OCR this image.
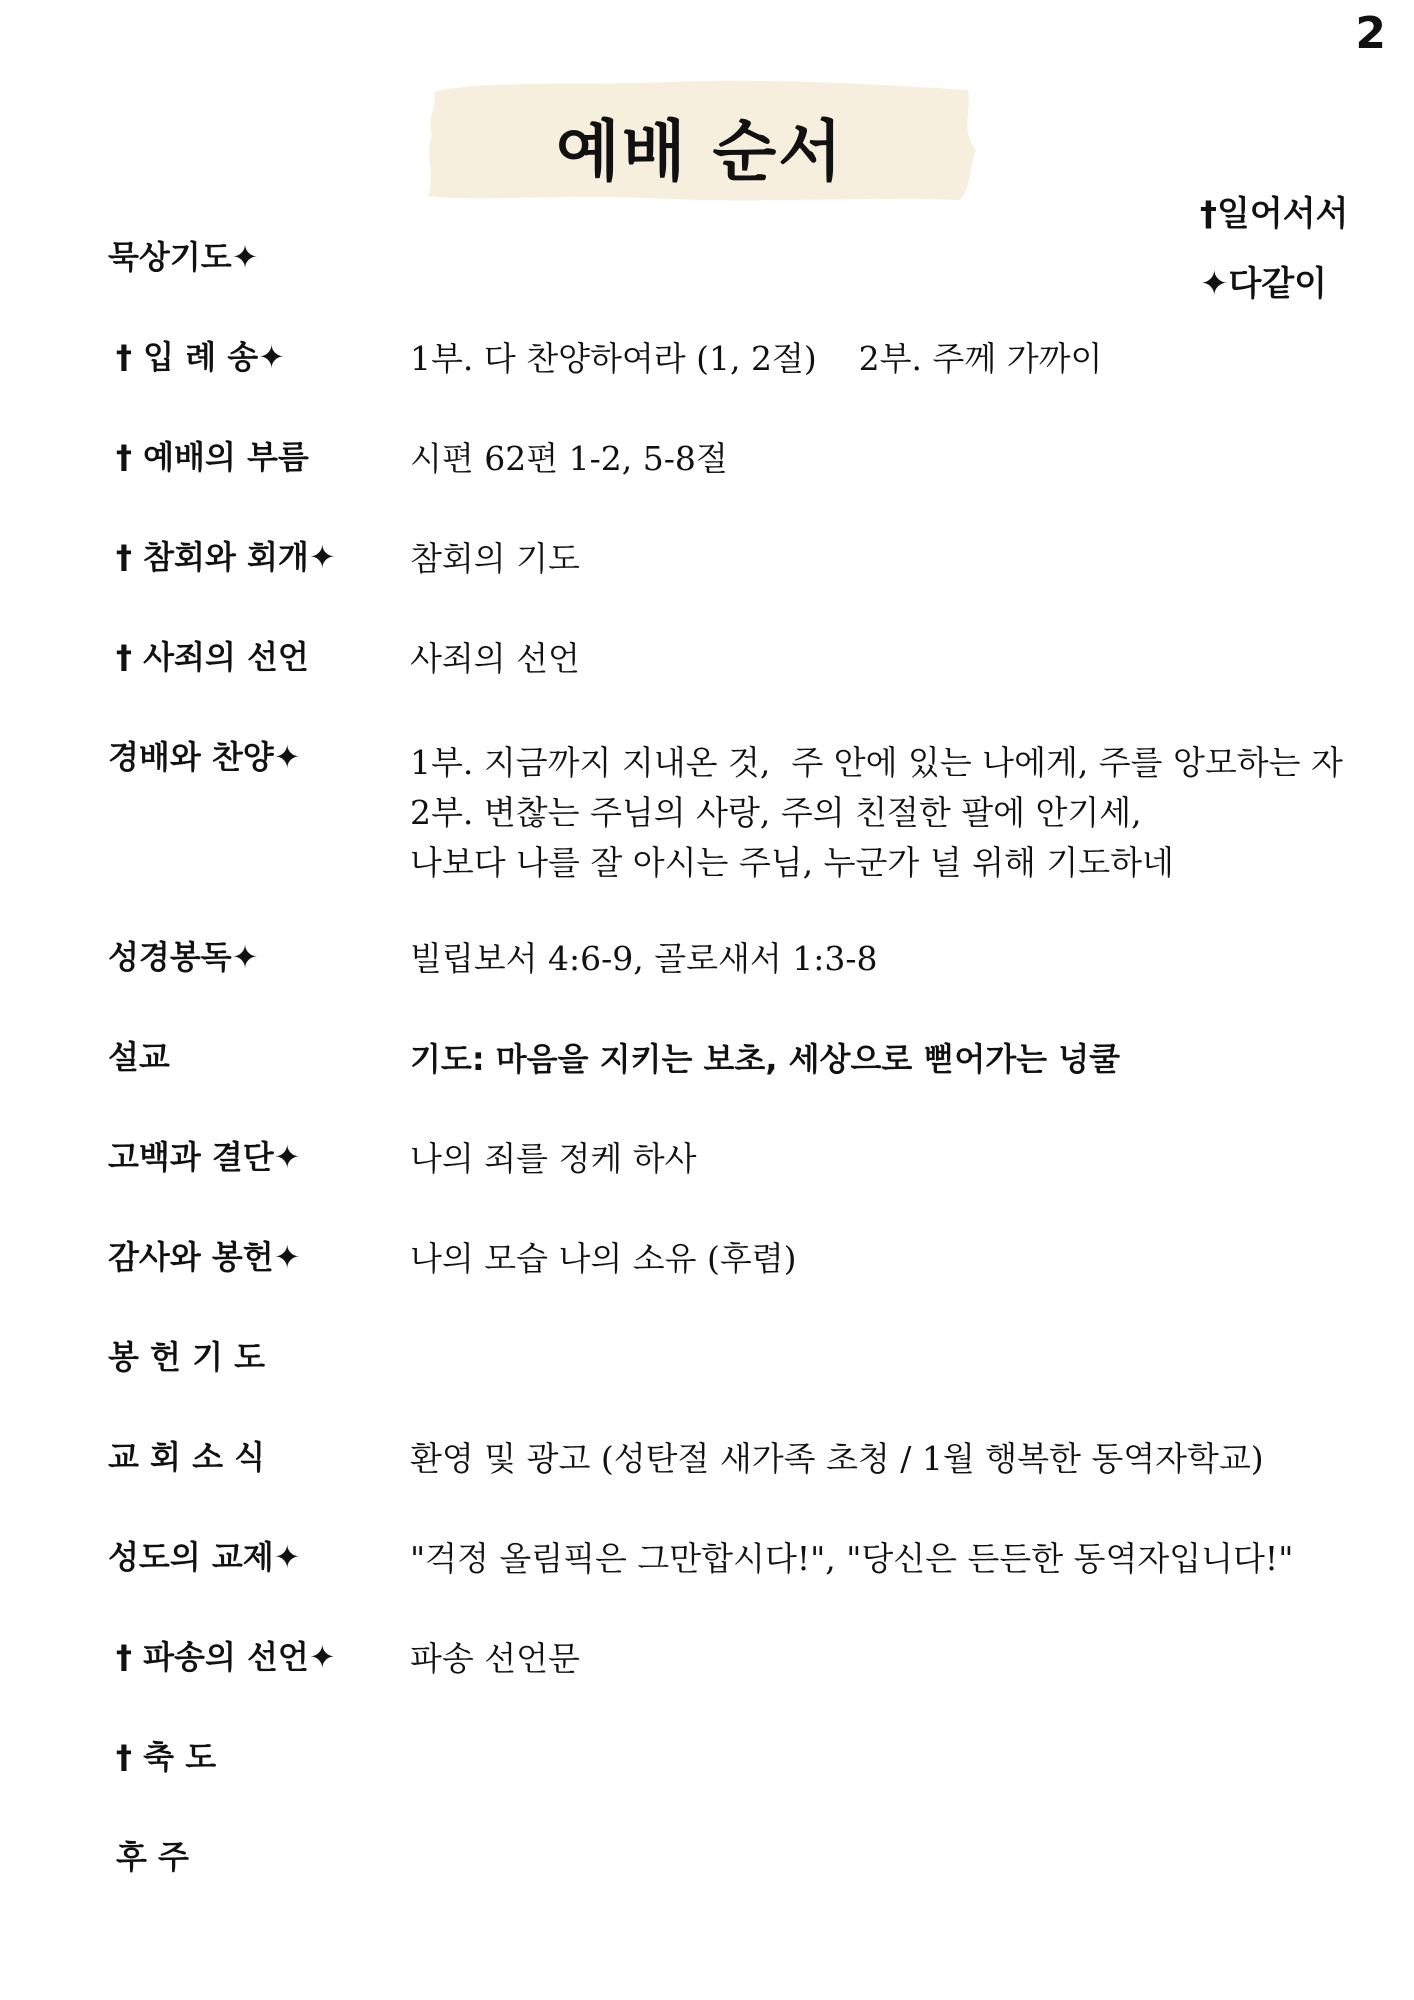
2
예배 순서
†일어서서
✦다같이
묵상기도✦
† 입 례 송✦	1부. 다 찬양하여라 (1, 2절)    2부. 주께 가까이
† 예배의 부름	시편 62편 1-2, 5-8절
† 참회와 회개✦	참회의 기도
† 사죄의 선언	사죄의 선언
경배와 찬양✦	1부. 지금까지 지내온 것,  주 안에 있는 나에게, 주를 앙모하는 자
2부. 변찮는 주님의 사랑, 주의 친절한 팔에 안기세,
나보다 나를 잘 아시는 주님, 누군가 널 위해 기도하네
성경봉독✦	빌립보서 4:6-9, 골로새서 1:3-8
설교	기도: 마음을 지키는 보초, 세상으로 뻗어가는 넝쿨
고백과 결단✦	나의 죄를 정케 하사
감사와 봉헌✦	나의 모습 나의 소유 (후렴)
봉 헌 기 도
교 회 소 식	환영 및 광고 (성탄절 새가족 초청 / 1월 행복한 동역자학교)
성도의 교제✦	"걱정 올림픽은 그만합시다!", "당신은 든든한 동역자입니다!"
† 파송의 선언✦	파송 선언문
† 축 도
후 주
